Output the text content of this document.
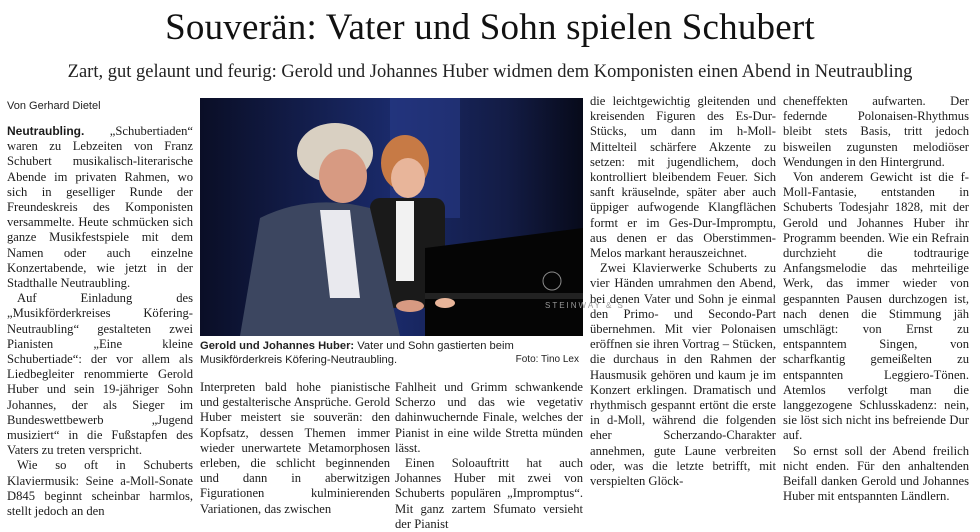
Souverän: Vater und Sohn spielen Schubert
Zart, gut gelaunt und feurig: Gerold und Johannes Huber widmen dem Komponisten einen Abend in Neutraubling
Von Gerhard Dietel

Neutraubling. „Schubertiaden“ waren zu Lebzeiten von Franz Schubert musikalisch-literarische Abende im privaten Rahmen, wo sich in geselliger Runde der Freundeskreis des Komponisten versammelte. Heute schmücken sich ganze Musikfestspiele mit dem Namen oder auch einzelne Konzertabende, wie jetzt in der Stadthalle Neutraubling.

Auf Einladung des „Musikförderkreises Köfering-Neutraubling“ gestalteten zwei Pianisten „Eine kleine Schubertiade“: der vor allem als Liedbegleiter renommierte Gerold Huber und sein 19-jähriger Sohn Johannes, der als Sieger im Bundeswettbewerb „Jugend musiziert“ in die Fußstapfen des Vaters zu treten verspricht.

Wie so oft in Schuberts Klaviermusik: Seine a-Moll-Sonate D845 beginnt scheinbar harmlos, stellt jedoch an den

STEINWAY & S
Gerold und Johannes Huber: Vater und Sohn gastierten beim Musikförderkreis Köfering-Neutraubling.	Foto: Tino Lex

Interpreten bald hohe pianistische und gestalterische Ansprüche. Gerold Huber meistert sie souverän: den Kopfsatz, dessen Themen immer wieder unerwartete Metamorphosen erleben, die schlicht beginnenden und dann in aberwitzigen Figurationen kulminierenden Variationen, das zwischen

Fahlheit und Grimm schwankende Scherzo und das wie vegetativ dahinwuchernde Finale, welches der Pianist in eine wilde Stretta münden lässt.

Einen Soloauftritt hat auch Johannes Huber mit zwei von Schuberts populären „Impromptus“. Mit ganz zartem Sfumato versieht der Pianist

die leichtgewichtig gleitenden und kreisenden Figuren des Es-Dur-Stücks, um dann im h-Moll-Mittelteil schärfere Akzente zu setzen: mit jugendlichem, doch kontrolliert bleibendem Feuer. Sich sanft kräuselnde, später aber auch üppiger aufwogende Klangflächen formt er im Ges-Dur-Impromptu, aus denen er das Oberstimmen-Melos markant herauszeichnet.

Zwei Klavierwerke Schuberts zu vier Händen umrahmen den Abend, bei denen Vater und Sohn je einmal den Primo- und Secondo-Part übernehmen. Mit vier Polonaisen eröffnen sie ihren Vortrag – Stücken, die durchaus in den Rahmen der Hausmusik gehören und kaum je im Konzert erklingen. Dramatisch und rhythmisch gespannt ertönt die erste in d-Moll, während die folgenden eher Scherzando-Charakter annehmen, gute Laune verbreiten oder, was die letzte betrifft, mit verspielten Glöck-

cheneffekten aufwarten. Der federnde Polonaisen-Rhythmus bleibt stets Basis, tritt jedoch bisweilen zugunsten melodiöser Wendungen in den Hintergrund.

Von anderem Gewicht ist die f-Moll-Fantasie, entstanden in Schuberts Todesjahr 1828, mit der Gerold und Johannes Huber ihr Programm beenden. Wie ein Refrain durchzieht die todtraurige Anfangsmelodie das mehrteilige Werk, das immer wieder von gespannten Pausen durchzogen ist, nach denen die Stimmung jäh umschlägt: von Ernst zu entspanntem Singen, von scharfkantig gemeißelten zu entspannten Leggiero-Tönen. Atemlos verfolgt man die langgezogene Schlusskadenz: nein, sie löst sich nicht ins befreiende Dur auf.

So ernst soll der Abend freilich nicht enden. Für den anhaltenden Beifall danken Gerold und Johannes Huber mit entspannten Ländlern.
